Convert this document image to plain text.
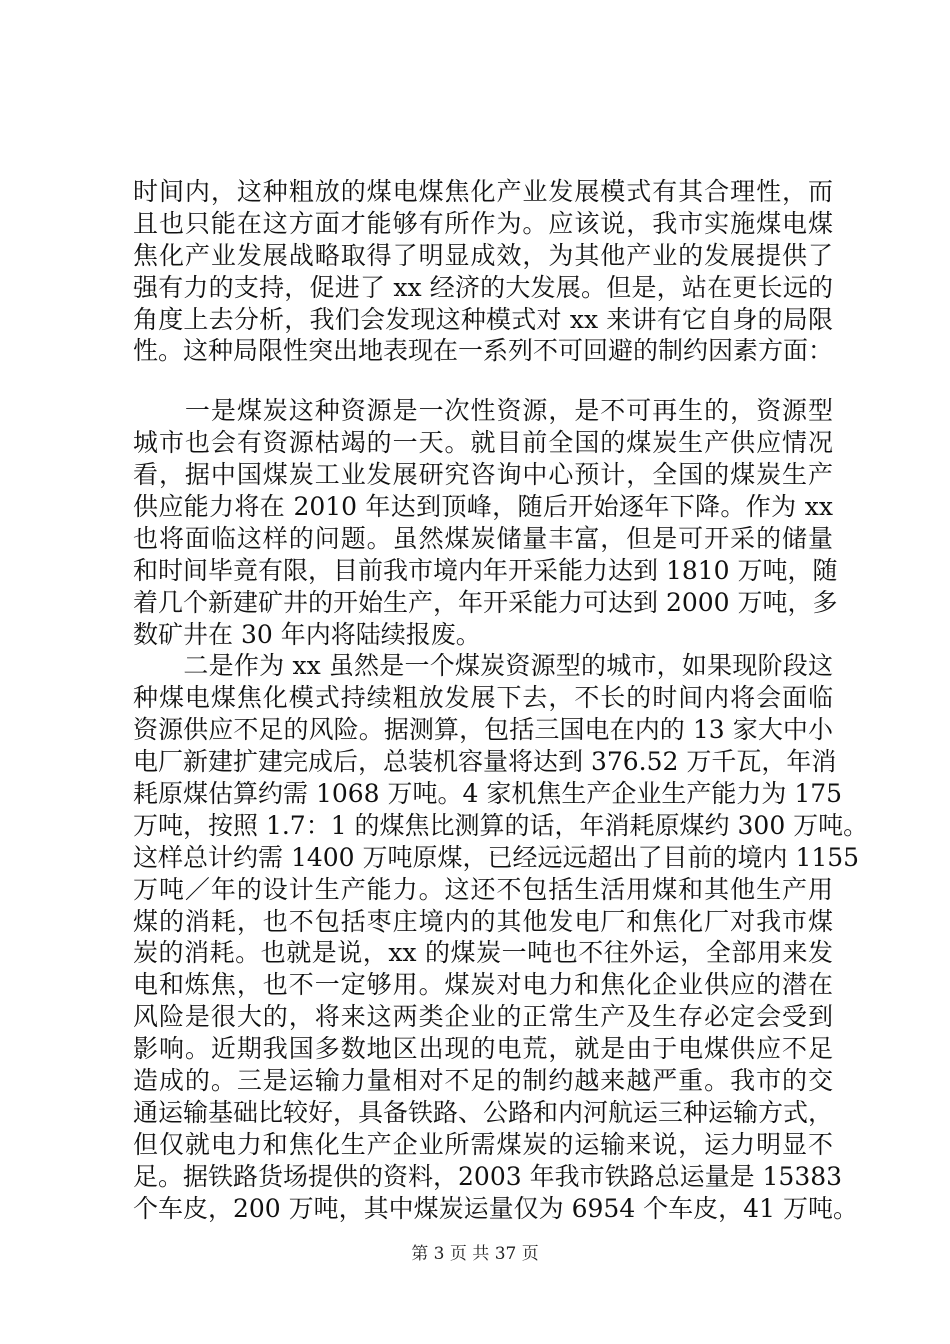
时间内，这种粗放的煤电煤焦化产业发展模式有其合理性，而
且也只能在这方面才能够有所作为。应该说，我市实施煤电煤
焦化产业发展战略取得了明显成效，为其他产业的发展提供了
强有力的支持，促进了 xx 经济的大发展。但是，站在更长远的
角度上去分析，我们会发现这种模式对 xx 来讲有它自身的局限
性。这种局限性突出地表现在一系列不可回避的制约因素方面：
　　一是煤炭这种资源是一次性资源，是不可再生的，资源型
城市也会有资源枯竭的一天。就目前全国的煤炭生产供应情况
看，据中国煤炭工业发展研究咨询中心预计，全国的煤炭生产
供应能力将在 2010 年达到顶峰，随后开始逐年下降。作为 xx
也将面临这样的问题。虽然煤炭储量丰富，但是可开采的储量
和时间毕竟有限，目前我市境内年开采能力达到 1810 万吨，随
着几个新建矿井的开始生产，年开采能力可达到 2000 万吨，多
数矿井在 30 年内将陆续报废。
　　二是作为 xx 虽然是一个煤炭资源型的城市，如果现阶段这
种煤电煤焦化模式持续粗放发展下去，不长的时间内将会面临
资源供应不足的风险。据测算，包括三国电在内的 13 家大中小
电厂新建扩建完成后，总装机容量将达到 376.52 万千瓦，年消
耗原煤估算约需 1068 万吨。4 家机焦生产企业生产能力为 175
万吨，按照 1.7：1 的煤焦比测算的话，年消耗原煤约 300 万吨。
这样总计约需 1400 万吨原煤，已经远远超出了目前的境内 1155
万吨／年的设计生产能力。这还不包括生活用煤和其他生产用
煤的消耗，也不包括枣庄境内的其他发电厂和焦化厂对我市煤
炭的消耗。也就是说，xx 的煤炭一吨也不往外运，全部用来发
电和炼焦，也不一定够用。煤炭对电力和焦化企业供应的潜在
风险是很大的，将来这两类企业的正常生产及生存必定会受到
影响。近期我国多数地区出现的电荒，就是由于电煤供应不足
造成的。三是运输力量相对不足的制约越来越严重。我市的交
通运输基础比较好，具备铁路、公路和内河航运三种运输方式，
但仅就电力和焦化生产企业所需煤炭的运输来说，运力明显不
足。据铁路货场提供的资料，2003 年我市铁路总运量是 15383
个车皮，200 万吨，其中煤炭运量仅为 6954 个车皮，41 万吨。
第 3 页 共 37 页
